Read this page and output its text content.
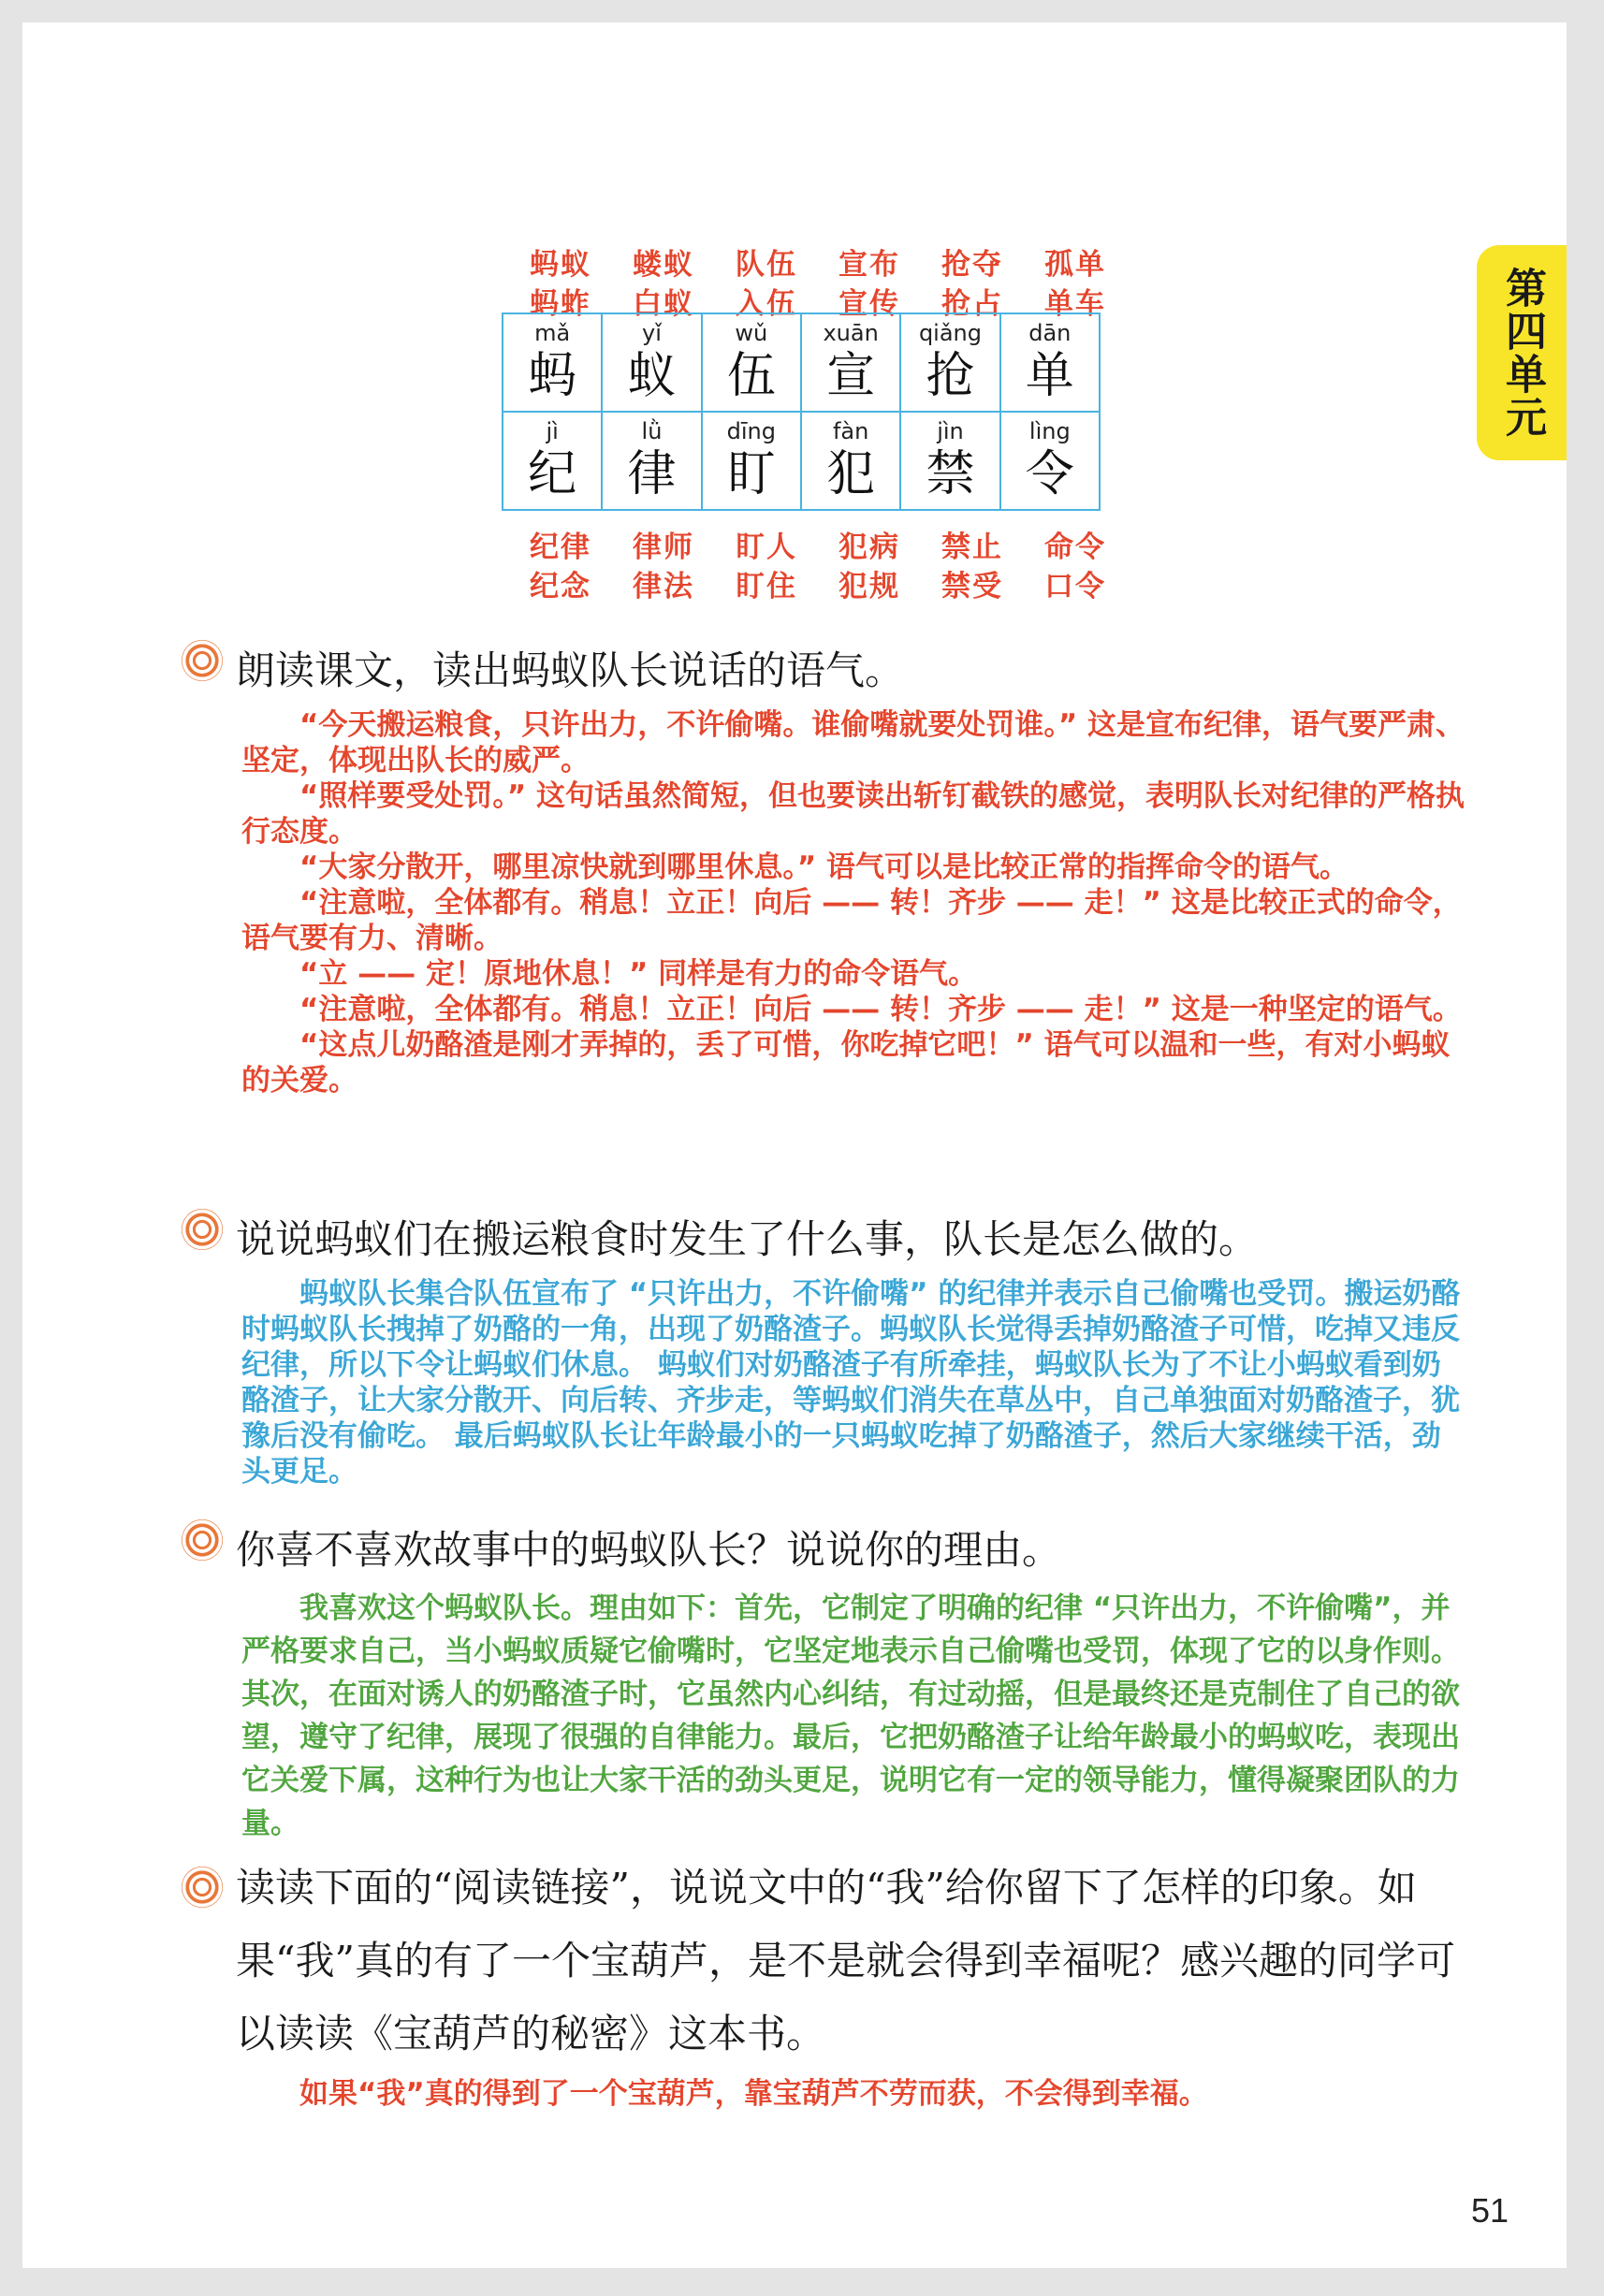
第四单元
蚂蚁
蚂蚱
蝼蚁
白蚁
队伍
入伍
宣布
宣传
抢夺
抢占
孤单
单车
mǎ
蚂
yǐ
蚁
wǔ
伍
xuān
宣
qiǎng
抢
dān
单
jì
纪
lǜ
律
dīng
盯
fàn
犯
jìn
禁
lìng
令
纪律
纪念
律师
律法
盯人
盯住
犯病
犯规
禁止
禁受
命令
口令
朗读课文，读出蚂蚁队长说话的语气。

“今天搬运粮食，只许出力，不许偷嘴。谁偷嘴就要处罚谁。” 这是宣布纪律，语气要严肃、坚定，体现出队长的威严。

“照样要受处罚。” 这句话虽然简短，但也要读出斩钉截铁的感觉，表明队长对纪律的严格执行态度。

“大家分散开，哪里凉快就到哪里休息。” 语气可以是比较正常的指挥命令的语气。

“注意啦，全体都有。稍息！立正！向后 —— 转！齐步 —— 走！” 这是比较正式的命令，语气要有力、清晰。

“立 —— 定！原地休息！” 同样是有力的命令语气。

“注意啦，全体都有。稍息！立正！向后 —— 转！齐步 —— 走！” 这是一种坚定的语气。

“这点儿奶酪渣是刚才弄掉的，丢了可惜，你吃掉它吧！” 语气可以温和一些，有对小蚂蚁的关爱。

说说蚂蚁们在搬运粮食时发生了什么事，队长是怎么做的。

蚂蚁队长集合队伍宣布了 “只许出力，不许偷嘴” 的纪律并表示自己偷嘴也受罚。搬运奶酪时蚂蚁队长拽掉了奶酪的一角，出现了奶酪渣子。蚂蚁队长觉得丢掉奶酪渣子可惜，吃掉又违反纪律，所以下令让蚂蚁们休息。 蚂蚁们对奶酪渣子有所牵挂，蚂蚁队长为了不让小蚂蚁看到奶酪渣子，让大家分散开、向后转、齐步走，等蚂蚁们消失在草丛中，自己单独面对奶酪渣子，犹豫后没有偷吃。 最后蚂蚁队长让年龄最小的一只蚂蚁吃掉了奶酪渣子，然后大家继续干活，劲头更足。

你喜不喜欢故事中的蚂蚁队长？说说你的理由。

我喜欢这个蚂蚁队长。理由如下：首先，它制定了明确的纪律 “只许出力，不许偷嘴”，并严格要求自己，当小蚂蚁质疑它偷嘴时，它坚定地表示自己偷嘴也受罚，体现了它的以身作则。其次，在面对诱人的奶酪渣子时，它虽然内心纠结，有过动摇，但是最终还是克制住了自己的欲望，遵守了纪律，展现了很强的自律能力。最后，它把奶酪渣子让给年龄最小的蚂蚁吃，表现出它关爱下属，这种行为也让大家干活的劲头更足，说明它有一定的领导能力，懂得凝聚团队的力量。

读读下面的“阅读链接”，说说文中的“我”给你留下了怎样的印象。如果“我”真的有了一个宝葫芦，是不是就会得到幸福呢？感兴趣的同学可以读读《宝葫芦的秘密》这本书。

如果“我”真的得到了一个宝葫芦，靠宝葫芦不劳而获，不会得到幸福。

51
